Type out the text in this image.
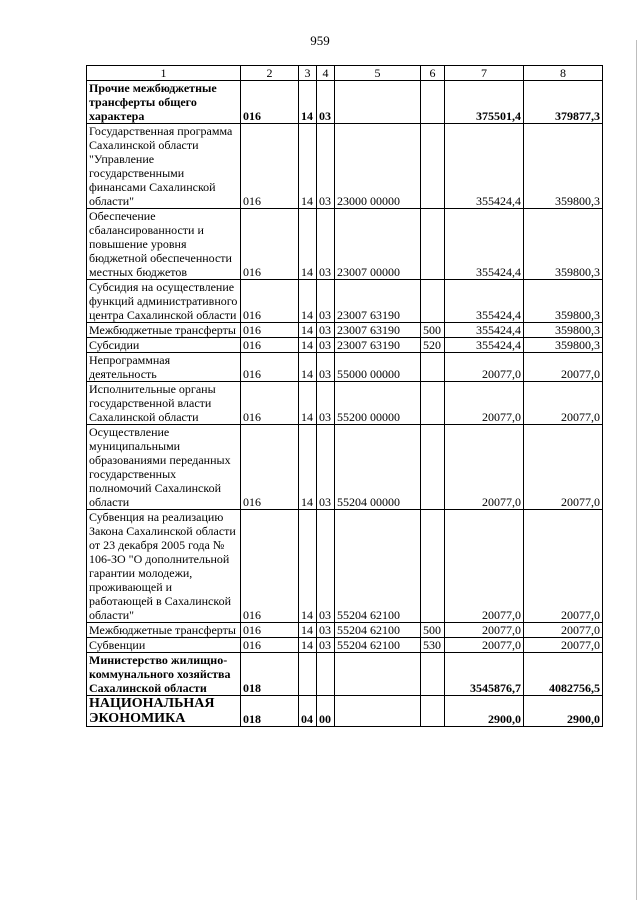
959
1	2	3	4	5	6	7	8
Прочие межбюджетные трансферты общего характера	016	14	03			375501,4	379877,3
Государственная программа Сахалинской области "Управление государственными финансами Сахалинской области"	016	14	03	23000 00000		355424,4	359800,3
Обеспечение сбалансированности и повышение уровня бюджетной обеспеченности местных бюджетов	016	14	03	23007 00000		355424,4	359800,3
Субсидия на осуществление функций административного центра Сахалинской области	016	14	03	23007 63190		355424,4	359800,3
Межбюджетные трансферты	016	14	03	23007 63190	500	355424,4	359800,3
Субсидии	016	14	03	23007 63190	520	355424,4	359800,3
Непрограммная деятельность	016	14	03	55000 00000		20077,0	20077,0
Исполнительные органы государственной власти Сахалинской области	016	14	03	55200 00000		20077,0	20077,0
Осуществление муниципальными образованиями переданных государственных полномочий Сахалинской области	016	14	03	55204 00000		20077,0	20077,0
Субвенция на реализацию Закона Сахалинской области от 23 декабря 2005 года № 106-ЗО "О дополнительной гарантии молодежи, проживающей и работающей в Сахалинской области"	016	14	03	55204 62100		20077,0	20077,0
Межбюджетные трансферты	016	14	03	55204 62100	500	20077,0	20077,0
Субвенции	016	14	03	55204 62100	530	20077,0	20077,0
Министерство жилищно-коммунального хозяйства Сахалинской области	018					3545876,7	4082756,5
НАЦИОНАЛЬНАЯ ЭКОНОМИКА	018	04	00			2900,0	2900,0
